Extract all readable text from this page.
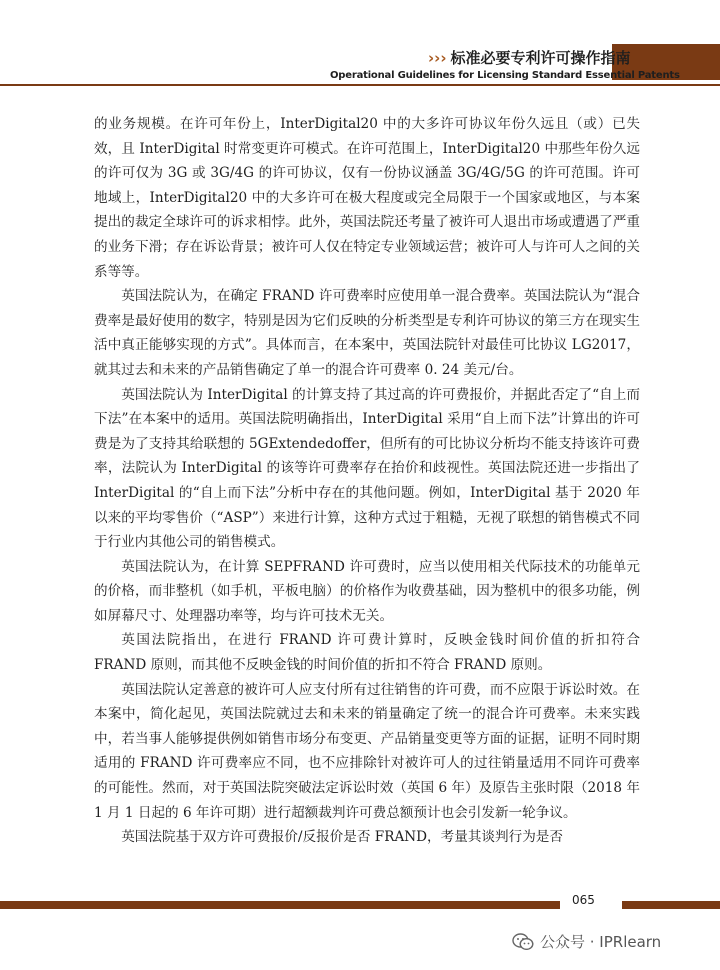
››› 标准必要专利许可操作指南
Operational Guidelines for Licensing Standard Essential Patents

的业务规模。在许可年份上，InterDigital20 中的大多许可协议年份久远且（或）已失效，且 InterDigital 时常变更许可模式。在许可范围上，InterDigital20 中那些年份久远的许可仅为 3G 或 3G/4G 的许可协议，仅有一份协议涵盖 3G/4G/5G 的许可范围。许可地域上，InterDigital20 中的大多许可在极大程度或完全局限于一个国家或地区，与本案提出的裁定全球许可的诉求相悖。此外，英国法院还考量了被许可人退出市场或遭遇了严重的业务下滑；存在诉讼背景；被许可人仅在特定专业领域运营；被许可人与许可人之间的关系等等。

英国法院认为，在确定 FRAND 许可费率时应使用单一混合费率。英国法院认为“混合费率是最好使用的数字，特别是因为它们反映的分析类型是专利许可协议的第三方在现实生活中真正能够实现的方式”。具体而言，在本案中，英国法院针对最佳可比协议 LG2017，就其过去和未来的产品销售确定了单一的混合许可费率 0. 24 美元/台。

英国法院认为 InterDigital 的计算支持了其过高的许可费报价，并据此否定了“自上而下法”在本案中的适用。英国法院明确指出，InterDigital 采用“自上而下法”计算出的许可费是为了支持其给联想的 5GExtendedoffer，但所有的可比协议分析均不能支持该许可费率，法院认为 InterDigital 的该等许可费率存在抬价和歧视性。英国法院还进一步指出了 InterDigital 的“自上而下法”分析中存在的其他问题。例如，InterDigital 基于 2020 年以来的平均零售价（“ASP”）来进行计算，这种方式过于粗糙，无视了联想的销售模式不同于行业内其他公司的销售模式。

英国法院认为，在计算 SEPFRAND 许可费时，应当以使用相关代际技术的功能单元的价格，而非整机（如手机，平板电脑）的价格作为收费基础，因为整机中的很多功能，例如屏幕尺寸、处理器功率等，均与许可技术无关。

英国法院指出，在进行 FRAND 许可费计算时，反映金钱时间价值的折扣符合 FRAND 原则，而其他不反映金钱的时间价值的折扣不符合 FRAND 原则。

英国法院认定善意的被许可人应支付所有过往销售的许可费，而不应限于诉讼时效。在本案中，简化起见，英国法院就过去和未来的销量确定了统一的混合许可费率。未来实践中，若当事人能够提供例如销售市场分布变更、产品销量变更等方面的证据，证明不同时期适用的 FRAND 许可费率应不同，也不应排除针对被许可人的过往销量适用不同许可费率的可能性。然而，对于英国法院突破法定诉讼时效（英国 6 年）及原告主张时限（2018 年 1 月 1 日起的 6 年许可期）进行超额裁判许可费总额预计也会引发新一轮争议。

英国法院基于双方许可费报价/反报价是否 FRAND，考量其谈判行为是否

065
公众号 · IPRlearn
